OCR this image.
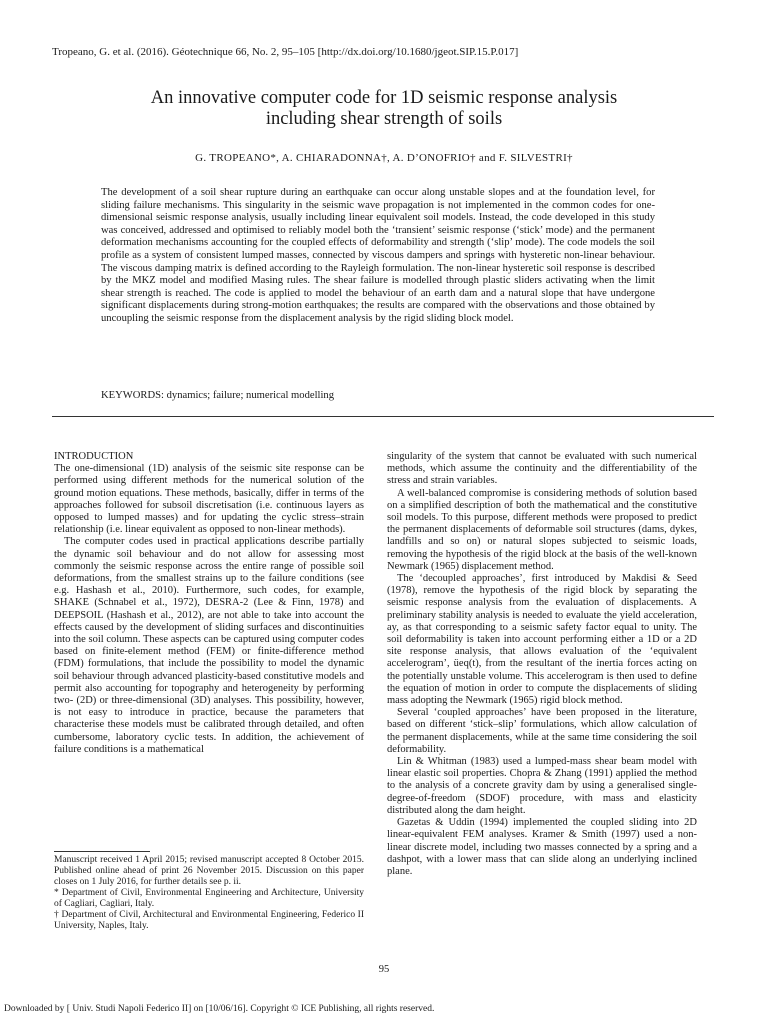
Tropeano, G. et al. (2016). Géotechnique 66, No. 2, 95–105 [http://dx.doi.org/10.1680/jgeot.SIP.15.P.017]
An innovative computer code for 1D seismic response analysis
including shear strength of soils
G. TROPEANO*, A. CHIARADONNA†, A. D’ONOFRIO† and F. SILVESTRI†
The development of a soil shear rupture during an earthquake can occur along unstable slopes and at the foundation level, for sliding failure mechanisms. This singularity in the seismic wave propagation is not implemented in the common codes for one-dimensional seismic response analysis, usually including linear equivalent soil models. Instead, the code developed in this study was conceived, addressed and optimised to reliably model both the ‘transient’ seismic response (‘stick’ mode) and the permanent deformation mechanisms accounting for the coupled effects of deformability and strength (‘slip’ mode). The code models the soil profile as a system of consistent lumped masses, connected by viscous dampers and springs with hysteretic non-linear behaviour. The viscous damping matrix is defined according to the Rayleigh formulation. The non-linear hysteretic soil response is described by the MKZ model and modified Masing rules. The shear failure is modelled through plastic sliders activating when the limit shear strength is reached. The code is applied to model the behaviour of an earth dam and a natural slope that have undergone significant displacements during strong-motion earthquakes; the results are compared with the observations and those obtained by uncoupling the seismic response from the displacement analysis by the rigid sliding block model.
KEYWORDS: dynamics; failure; numerical modelling
INTRODUCTION

The one-dimensional (1D) analysis of the seismic site response can be performed using different methods for the numerical solution of the ground motion equations. These methods, basically, differ in terms of the approaches followed for subsoil discretisation (i.e. continuous layers as opposed to lumped masses) and for updating the cyclic stress–strain relationship (i.e. linear equivalent as opposed to non-linear methods).

The computer codes used in practical applications describe partially the dynamic soil behaviour and do not allow for assessing most commonly the seismic response across the entire range of possible soil deformations, from the smallest strains up to the failure conditions (see e.g. Hashash et al., 2010). Furthermore, such codes, for example, SHAKE (Schnabel et al., 1972), DESRA-2 (Lee & Finn, 1978) and DEEPSOIL (Hashash et al., 2012), are not able to take into account the effects caused by the development of sliding surfaces and discontinuities into the soil column. These aspects can be captured using computer codes based on finite-element method (FEM) or finite-difference method (FDM) formulations, that include the possibility to model the dynamic soil behaviour through advanced plasticity-based constitutive models and permit also accounting for topography and heterogeneity by performing two- (2D) or three-dimensional (3D) analyses. This possibility, however, is not easy to introduce in practice, because the parameters that characterise these models must be calibrated through detailed, and often cumbersome, laboratory cyclic tests. In addition, the achievement of failure conditions is a mathematical

singularity of the system that cannot be evaluated with such numerical methods, which assume the continuity and the differentiability of the stress and strain variables.

A well-balanced compromise is considering methods of solution based on a simplified description of both the mathematical and the constitutive soil models. To this purpose, different methods were proposed to predict the permanent displacements of deformable soil structures (dams, dykes, landfills and so on) or natural slopes subjected to seismic loads, removing the hypothesis of the rigid block at the basis of the well-known Newmark (1965) displacement method.

The ‘decoupled approaches’, first introduced by Makdisi & Seed (1978), remove the hypothesis of the rigid block by separating the seismic response analysis from the evaluation of displacements. A preliminary stability analysis is needed to evaluate the yield acceleration, ay, as that corresponding to a seismic safety factor equal to unity. The soil deformability is taken into account performing either a 1D or a 2D site response analysis, that allows evaluation of the ‘equivalent accelerogram’, üeq(t), from the resultant of the inertia forces acting on the potentially unstable volume. This accelerogram is then used to define the equation of motion in order to compute the displacements of sliding mass adopting the Newmark (1965) rigid block method.

Several ‘coupled approaches’ have been proposed in the literature, based on different ‘stick–slip’ formulations, which allow calculation of the permanent displacements, while at the same time considering the soil deformability.

Lin & Whitman (1983) used a lumped-mass shear beam model with linear elastic soil properties. Chopra & Zhang (1991) applied the method to the analysis of a concrete gravity dam by using a generalised single-degree-of-freedom (SDOF) procedure, with mass and elasticity distributed along the dam height.

Gazetas & Uddin (1994) implemented the coupled sliding into 2D linear-equivalent FEM analyses. Kramer & Smith (1997) used a non-linear discrete model, including two masses connected by a spring and a dashpot, with a lower mass that can slide along an underlying inclined plane.

Manuscript received 1 April 2015; revised manuscript accepted 8 October 2015. Published online ahead of print 26 November 2015. Discussion on this paper closes on 1 July 2016, for further details see p. ii.

* Department of Civil, Environmental Engineering and Architecture, University of Cagliari, Cagliari, Italy.

† Department of Civil, Architectural and Environmental Engineering, Federico II University, Naples, Italy.

95
Downloaded by [ Univ. Studi Napoli Federico II] on [10/06/16]. Copyright © ICE Publishing, all rights reserved.
